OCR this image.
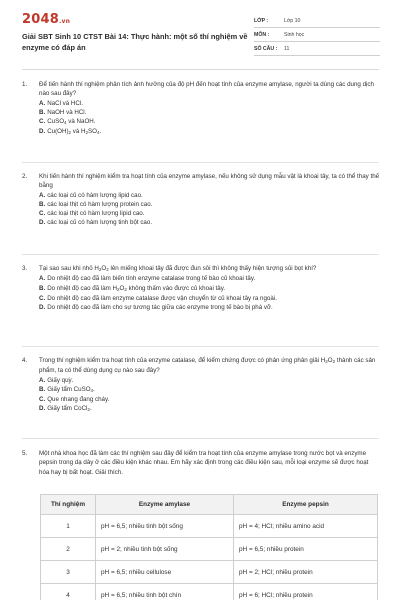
2048.vn
Giải SBT Sinh 10 CTST Bài 14: Thực hành: một số thí nghiệm về enzyme có đáp án
LỚP :	Lớp 10
MÔN :	Sinh học
SỐ CÂU :	11
1.	Để tiến hành thí nghiệm phân tích ảnh hưởng của độ pH đến hoạt tính của enzyme amylase, người ta dùng các dung dịch nào sau đây?
A. NaCl và HCl.
B. NaOH và HCl.
C. CuSO$_4$ và NaOH.
D. $Cu(OH)_2$ và $H_2SO_4$.
2.	Khi tiến hành thí nghiệm kiểm tra hoạt tính của enzyme amylase, nếu không sử dụng mẫu vật là khoai tây, ta có thể thay thế bằng
A. các loại củ có hàm lượng lipid cao.
B. các loại thịt có hàm lượng protein cao.
C. các loại thịt có hàm lượng lipid cao.
D. các loại củ có hàm lượng tinh bột cao.
3.	Tại sao sau khi nhỏ $H_2O_2$ lên miếng khoai tây đã được đun sôi thì không thấy hiện tượng sủi bọt khí?
A. Do nhiệt độ cao đã làm biến tính enzyme catalase trong tế bào củ khoai tây.
B. Do nhiệt độ cao đã làm $H_2O_2$ không thấm vào được củ khoai tây.
C. Do nhiệt độ cao đã làm enzyme catalase được vận chuyển từ củ khoai tây ra ngoài.
D. Do nhiệt độ cao đã làm cho sự tương tác giữa các enzyme trong tế bào bị phá vỡ.
4.	Trong thí nghiệm kiểm tra hoạt tính của enzyme catalase, để kiểm chứng được có phản ứng phân giải $H_2O_2$ thành các sản phẩm, ta có thể dùng dụng cụ nào sau đây?
A. Giấy quỳ.
B. Giấy tẩm CuSO$_4$.
C. Que nhang đang cháy.
D. Giấy tẩm CoCl$_2$.
5.	Một nhà khoa học đã làm các thí nghiệm sau đây để kiểm tra hoạt tính của enzyme amylase trong nước bọt và enzyme pepsin trong dạ dày ở các điều kiện khác nhau. Em hãy xác định trong các điều kiện sau, mỗi loại enzyme sẽ được hoạt hóa hay bị bất hoạt. Giải thích.
Thí nghiệm	Enzyme amylase	Enzyme pepsin
1	pH = 6,5; nhiều tinh bột sống	pH = 4; HCl; nhiều amino acid
2	pH = 2; nhiều tinh bột sống	pH = 6,5; nhiều protein
3	pH = 6,5; nhiều cellulose	pH = 2; HCl; nhiều protein
4	pH = 6,5; nhiều tinh bột chín	pH = 6; HCl; nhiều protein
